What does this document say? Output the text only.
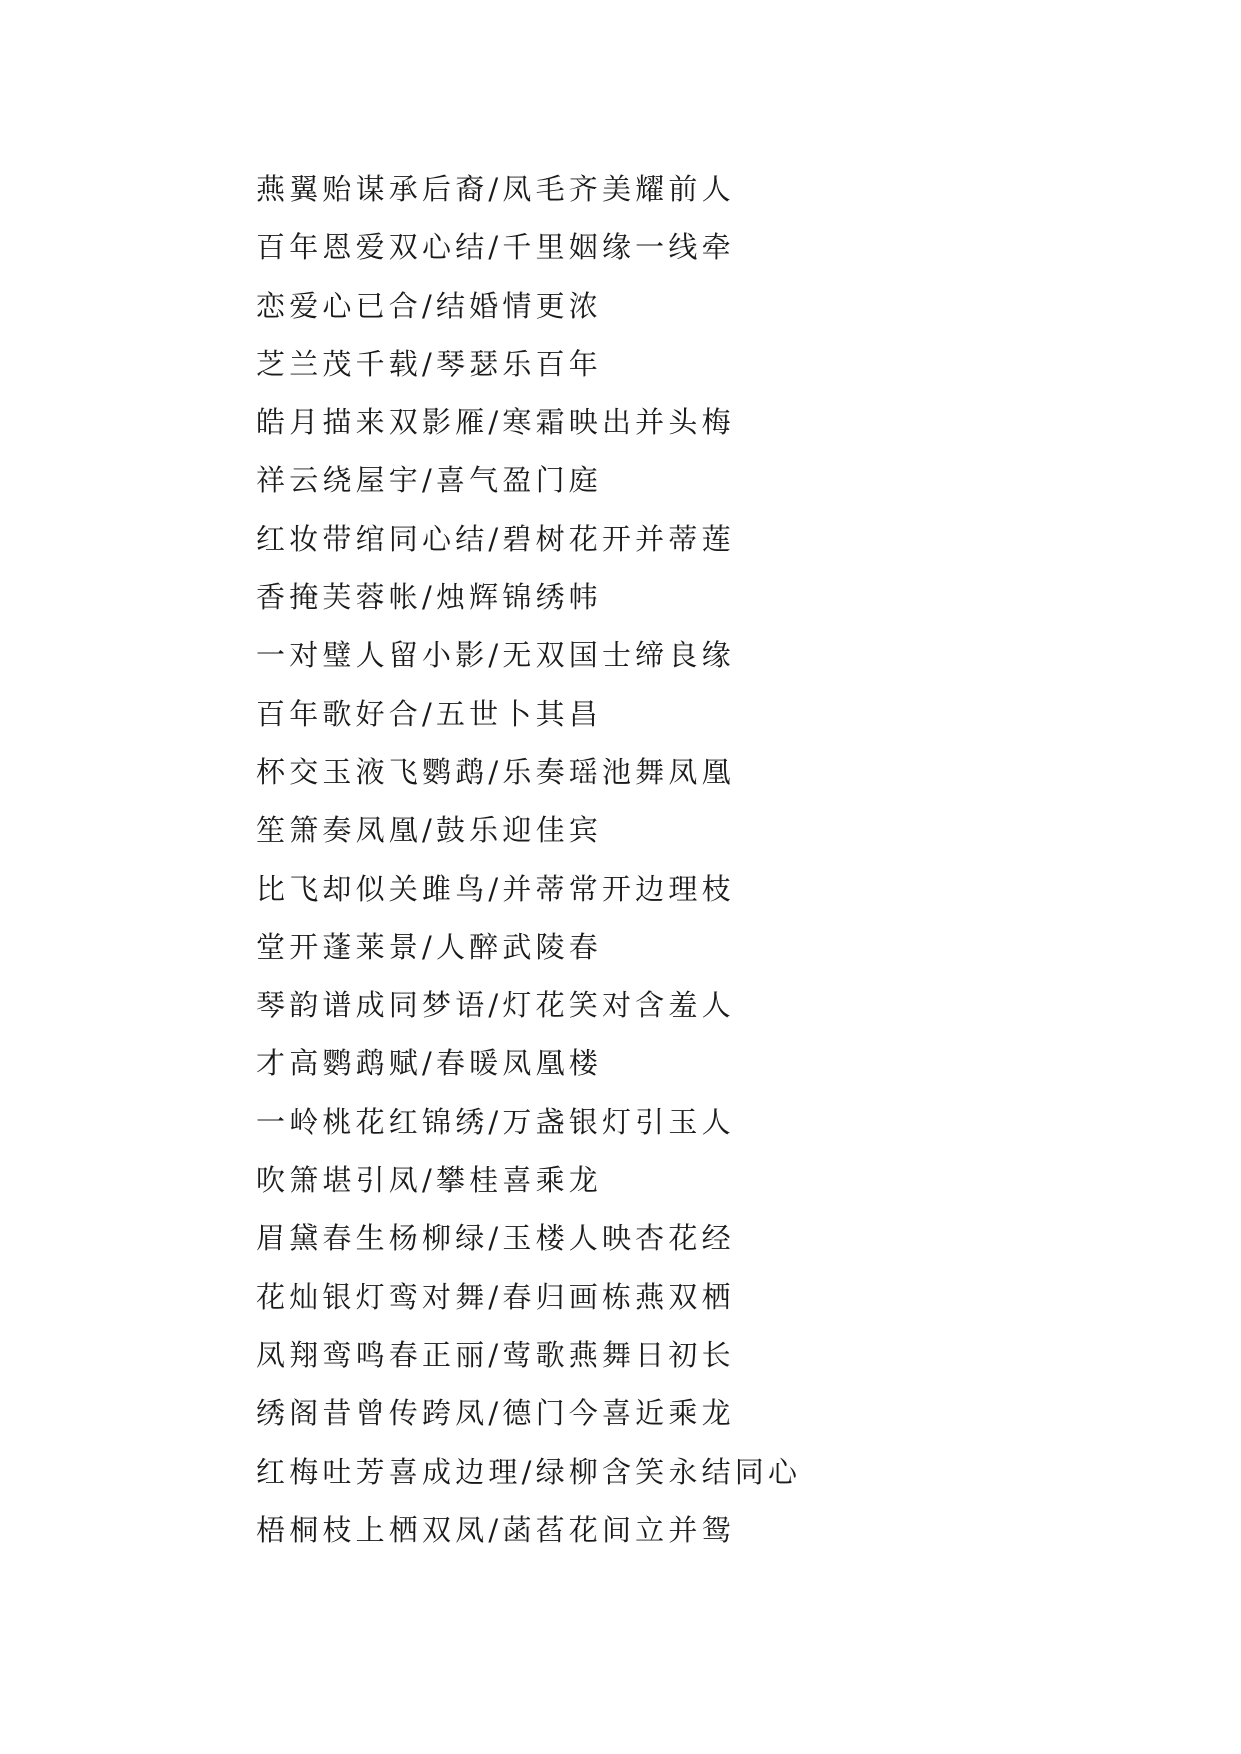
燕翼贻谋承后裔/凤毛齐美耀前人
百年恩爱双心结/千里姻缘一线牵
恋爱心已合/结婚情更浓
芝兰茂千载/琴瑟乐百年
皓月描来双影雁/寒霜映出并头梅
祥云绕屋宇/喜气盈门庭
红妆带绾同心结/碧树花开并蒂莲
香掩芙蓉帐/烛辉锦绣帏
一对璧人留小影/无双国士缔良缘
百年歌好合/五世卜其昌
杯交玉液飞鹦鹉/乐奏瑶池舞凤凰
笙箫奏凤凰/鼓乐迎佳宾
比飞却似关雎鸟/并蒂常开边理枝
堂开蓬莱景/人醉武陵春
琴韵谱成同梦语/灯花笑对含羞人
才高鹦鹉赋/春暖凤凰楼
一岭桃花红锦绣/万盏银灯引玉人
吹箫堪引凤/攀桂喜乘龙
眉黛春生杨柳绿/玉楼人映杏花经
花灿银灯鸾对舞/春归画栋燕双栖
凤翔鸾鸣春正丽/莺歌燕舞日初长
绣阁昔曾传跨凤/德门今喜近乘龙
红梅吐芳喜成边理/绿柳含笑永结同心
梧桐枝上栖双凤/菡萏花间立并鸳
